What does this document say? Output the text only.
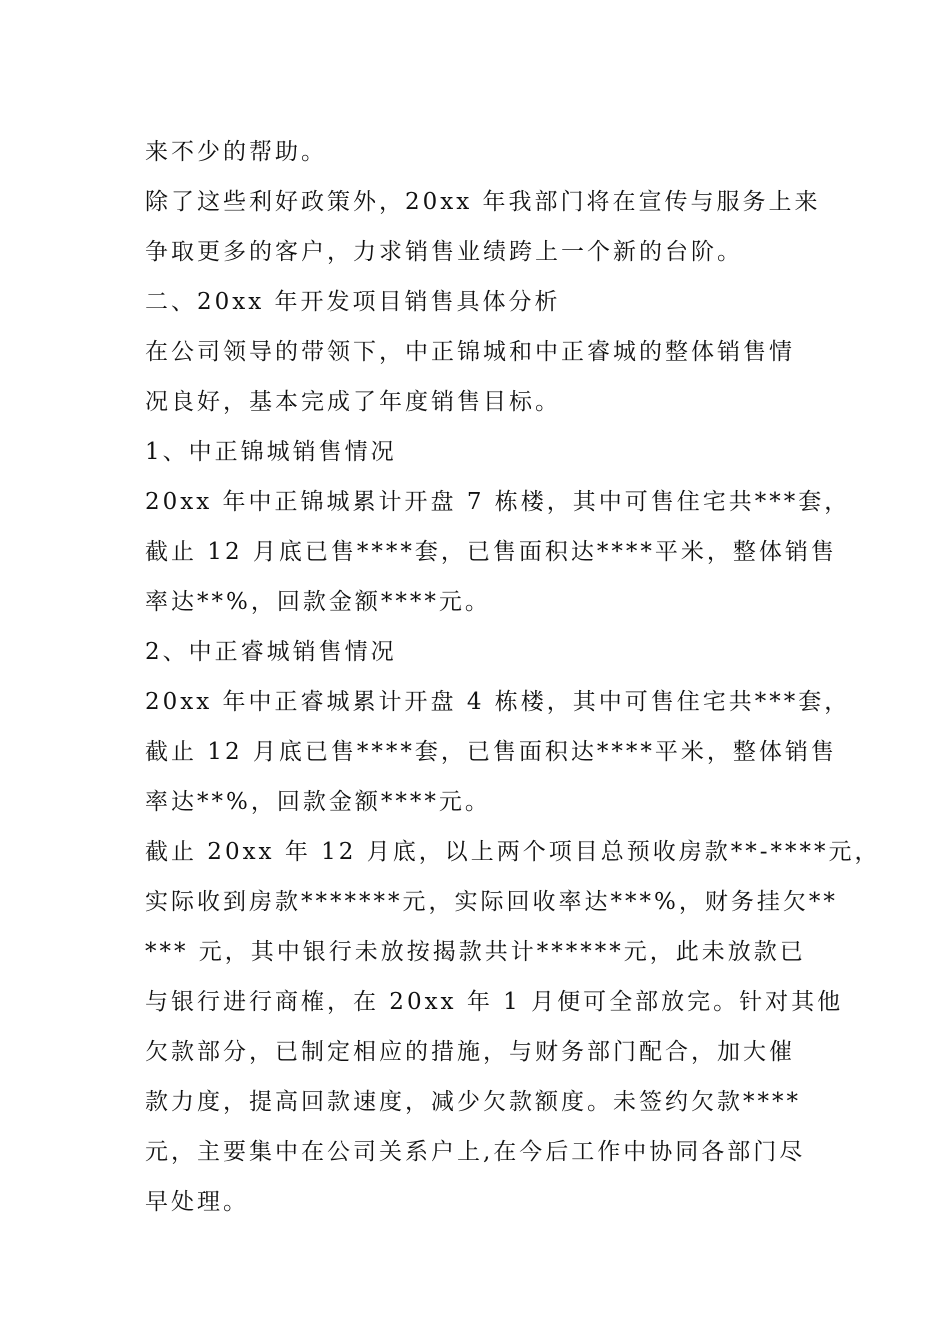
来不少的帮助。
除了这些利好政策外，20xx 年我部门将在宣传与服务上来
争取更多的客户，力求销售业绩跨上一个新的台阶。
二、20xx 年开发项目销售具体分析
在公司领导的带领下，中正锦城和中正睿城的整体销售情
况良好，基本完成了年度销售目标。
1、中正锦城销售情况
20xx 年中正锦城累计开盘 7 栋楼，其中可售住宅共***套，
截止 12 月底已售****套，已售面积达****平米，整体销售
率达**%，回款金额****元。
2、中正睿城销售情况
20xx 年中正睿城累计开盘 4 栋楼，其中可售住宅共***套，
截止 12 月底已售****套，已售面积达****平米，整体销售
率达**%，回款金额****元。
截止 20xx 年 12 月底，以上两个项目总预收房款**-****元，
实际收到房款*******元，实际回收率达***%，财务挂欠**
*** 元，其中银行未放按揭款共计******元，此未放款已
与银行进行商榷，在 20xx 年 1 月便可全部放完。针对其他
欠款部分，已制定相应的措施，与财务部门配合，加大催
款力度，提高回款速度，减少欠款额度。未签约欠款****
元，主要集中在公司关系户上,在今后工作中协同各部门尽
早处理。
